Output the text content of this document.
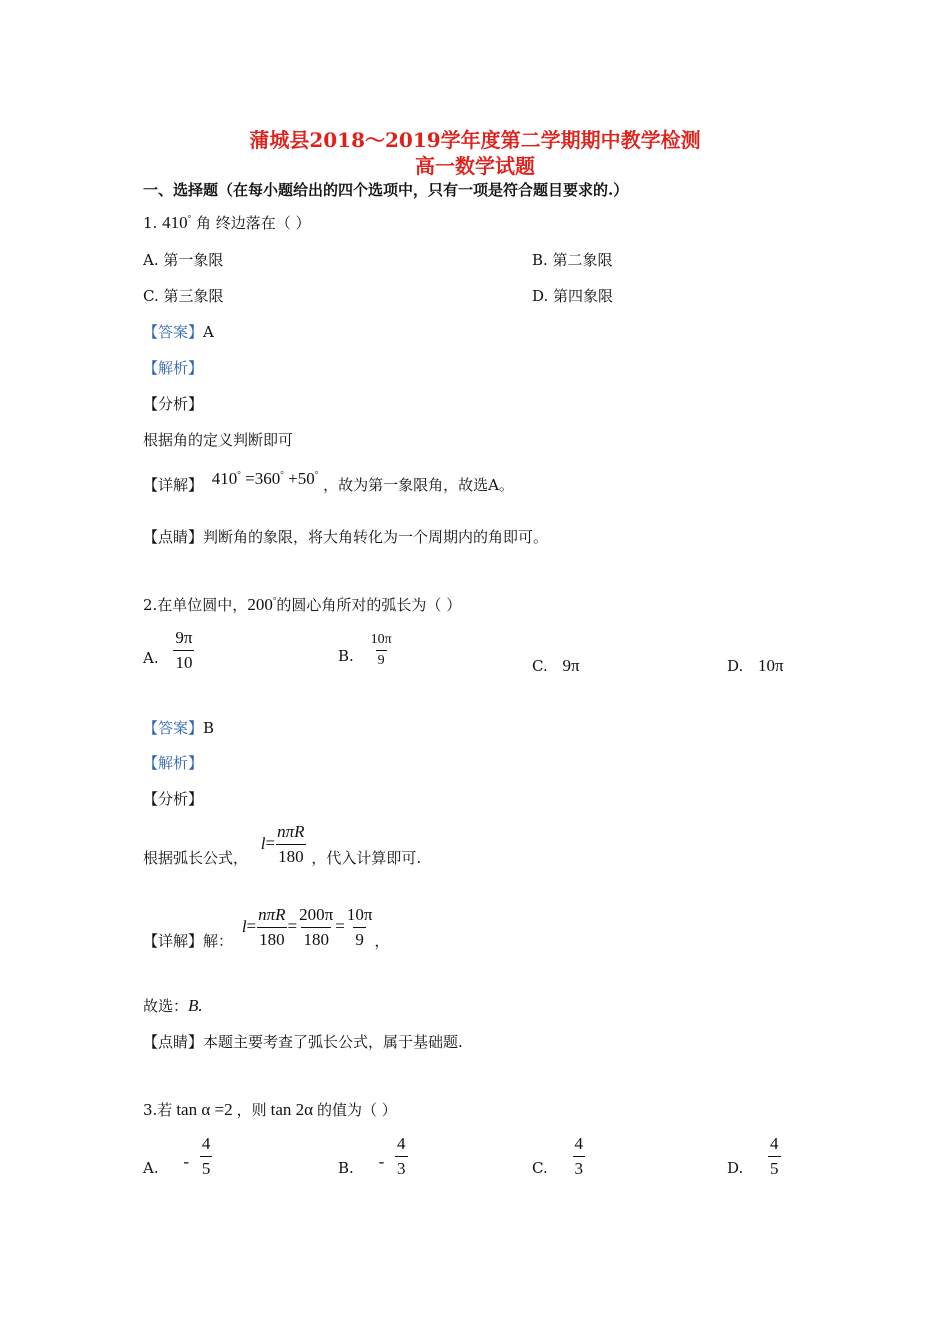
蒲城县2018～2019学年度第二学期期中教学检测
高一数学试题
一、选择题（在每小题给出的四个选项中，只有一项是符合题目要求的.）
1. 410° 角 终边落在（ ）
A. 第一象限	B. 第二象限
C. 第三象限	D. 第四象限
【答案】A
【解析】
【分析】
根据角的定义判断即可
【详解】 410° =360° +50° ，故为第一象限角，故选A。
【点睛】判断角的象限，将大角转化为一个周期内的角即可。
2.在单位圆中，200°的圆心角所对的弧长为（ ）
A. $\frac{9\pi}{10}$	B. $\frac{10\pi}{9}$	C. 9π	D. 10π
【答案】B
【解析】
【分析】
根据弧长公式， $l= \frac{\text{nπR}}{180}$ ，代入计算即可.
【详解】解： $l= \frac{\text{nπR}}{180} = \frac{200\pi}{180} = \frac{10\pi}{9}$ ，
故选：B.
【点睛】本题主要考查了弧长公式，属于基础题.
3.若 tan α =2 ，则 tan 2α 的值为（ ）
A. - $\frac{4}{5}$	B. - $\frac{4}{3}$	C. $\frac{4}{3}$	D. $\frac{4}{5}$
